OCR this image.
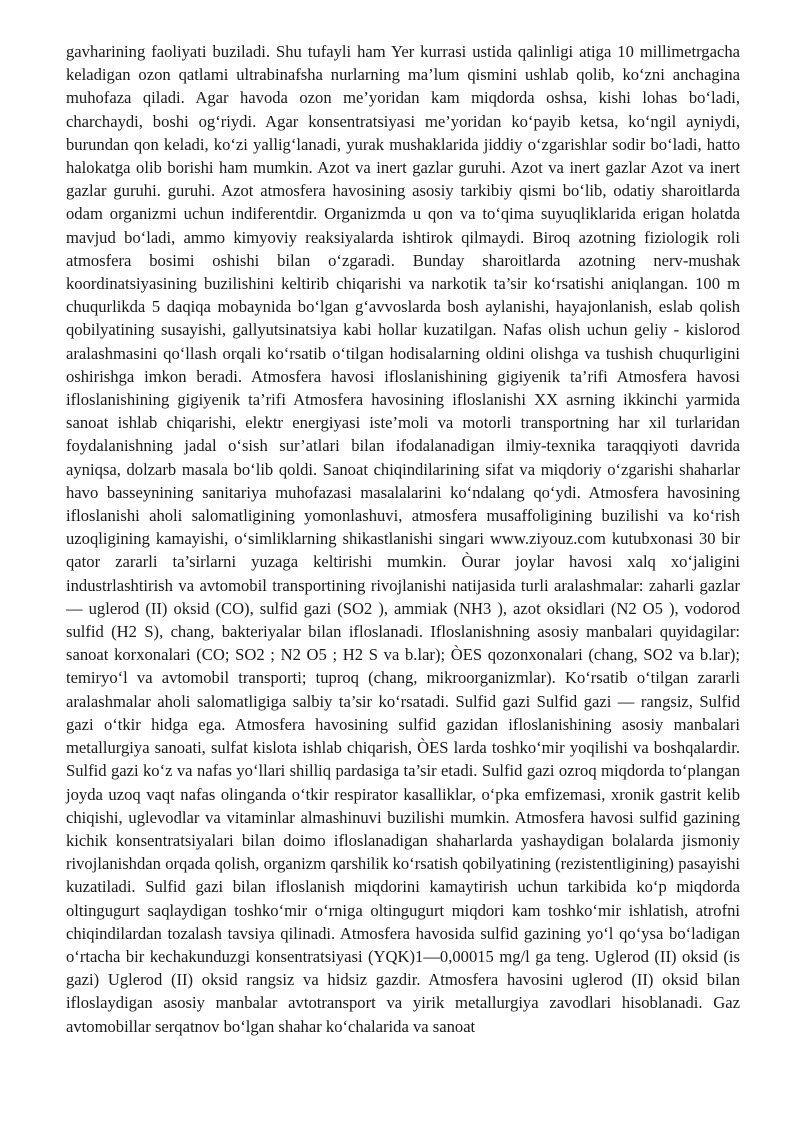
gavharining faoliyati buziladi. Shu tufayli ham Yer kurrasi ustida qalinligi atiga 10 millimetrgacha keladigan ozon qatlami ultrabinafsha nurlarning ma’lum qismini ushlab qolib, ko‘zni anchagina muhofaza qiladi. Agar havoda ozon me’yoridan kam miqdorda oshsa, kishi lohas bo‘ladi, charchaydi, boshi og‘riydi. Agar konsentratsiyasi me’yoridan ko‘payib ketsa, ko‘ngil ayniydi, burundan qon keladi, ko‘zi yallig‘lanadi, yurak mushaklarida jiddiy o‘zgarishlar sodir bo‘ladi, hatto halokatga olib borishi ham mumkin. Azot va inert gazlar guruhi. Azot va inert gazlar Azot va inert gazlar guruhi. guruhi. Azot atmosfera havosining asosiy tarkibiy qismi bo‘lib, odatiy sharoitlarda odam organizmi uchun indiferentdir. Organizmda u qon va to‘qima suyuqliklarida erigan holatda mavjud bo‘ladi, ammo kimyoviy reaksiyalarda ishtirok qilmaydi. Biroq azotning fiziologik roli atmosfera bosimi oshishi bilan o‘zgaradi. Bunday sharoitlarda azotning nerv-mushak koordinatsiyasining buzilishini keltirib chiqarishi va narkotik ta’sir ko‘rsatishi aniqlangan. 100 m chuqurlikda 5 daqiqa mobaynida bo‘lgan g‘avvoslarda bosh aylanishi, hayajonlanish, eslab qolish qobilyatining susayishi, gallyutsinatsiya kabi hollar kuzatilgan. Nafas olish uchun geliy - kislorod aralashmasini qo‘llash orqali ko‘rsatib o‘tilgan hodisalarning oldini olishga va tushish chuqurligini oshirishga imkon beradi. Atmosfera havosi ifloslanishining gigiyenik ta’rifi Atmosfera havosi ifloslanishining gigiyenik ta’rifi Atmosfera havosining ifloslanishi XX asrning ikkinchi yarmida sanoat ishlab chiqarishi, elektr energiyasi iste’moli va motorli transportning har xil turlaridan foydalanishning jadal o‘sish sur’atlari bilan ifodalanadigan ilmiy-texnika taraqqiyoti davrida ayniqsa, dolzarb masala bo‘lib qoldi. Sanoat chiqindilarining sifat va miqdoriy o‘zgarishi shaharlar havo basseynining sanitariya muhofazasi masalalarini ko‘ndalang qo‘ydi. Atmosfera havosining ifloslanishi aholi salomatligining yomonlashuvi, atmosfera musaffoligining buzilishi va ko‘rish uzoqligining kamayishi, o‘simliklarning shikastlanishi singari www.ziyouz.com kutubxonasi 30 bir qator zararli ta’sirlarni yuzaga keltirishi mumkin. Òurar joylar havosi xalq xo‘jaligini industrlashtirish va avtomobil transportining rivojlanishi natijasida turli aralashmalar: zaharli gazlar — uglerod (II) oksid (CO), sulfid gazi (SO2 ), ammiak (NH3 ), azot oksidlari (N2 O5 ), vodorod sulfid (H2 S), chang, bakteriyalar bilan ifloslanadi. Ifloslanishning asosiy manbalari quyidagilar: sanoat korxonalari (CO; SO2 ; N2 O5 ; H2 S va b.lar); ÒES qozonxonalari (chang, SO2 va b.lar); temiryo‘l va avtomobil transporti; tuproq (chang, mikroorganizmlar). Ko‘rsatib o‘tilgan zararli aralashmalar aholi salomatligiga salbiy ta’sir ko‘rsatadi. Sulfid gazi Sulfid gazi — rangsiz, Sulfid gazi o‘tkir hidga ega. Atmosfera havosining sulfid gazidan ifloslanishining asosiy manbalari metallurgiya sanoati, sulfat kislota ishlab chiqarish, ÒES larda toshko‘mir yoqilishi va boshqalardir. Sulfid gazi ko‘z va nafas yo‘llari shilliq pardasiga ta’sir etadi. Sulfid gazi ozroq miqdorda to‘plangan joyda uzoq vaqt nafas olinganda o‘tkir respirator kasalliklar, o‘pka emfizemasi, xronik gastrit kelib chiqishi, uglevodlar va vitaminlar almashinuvi buzilishi mumkin. Atmosfera havosi sulfid gazining kichik konsentratsiyalari bilan doimo ifloslanadigan shaharlarda yashaydigan bolalarda jismoniy rivojlanishdan orqada qolish, organizm qarshilik ko‘rsatish qobilyatining (rezistentligining) pasayishi kuzatiladi. Sulfid gazi bilan ifloslanish miqdorini kamaytirish uchun tarkibida ko‘p miqdorda oltingugurt saqlaydigan toshko‘mir o‘rniga oltingugurt miqdori kam toshko‘mir ishlatish, atrofni chiqindilardan tozalash tavsiya qilinadi. Atmosfera havosida sulfid gazining yo‘l qo‘ysa bo‘ladigan o‘rtacha bir kechakunduzgi konsentratsiyasi (YQK)1—0,00015 mg/l ga teng. Uglerod (II) oksid (is gazi) Uglerod (II) oksid rangsiz va hidsiz gazdir. Atmosfera havosini uglerod (II) oksid bilan ifloslaydigan asosiy manbalar avtotransport va yirik metallurgiya zavodlari hisoblanadi. Gaz avtomobillar serqatnov bo‘lgan shahar ko‘chalarida va sanoat
